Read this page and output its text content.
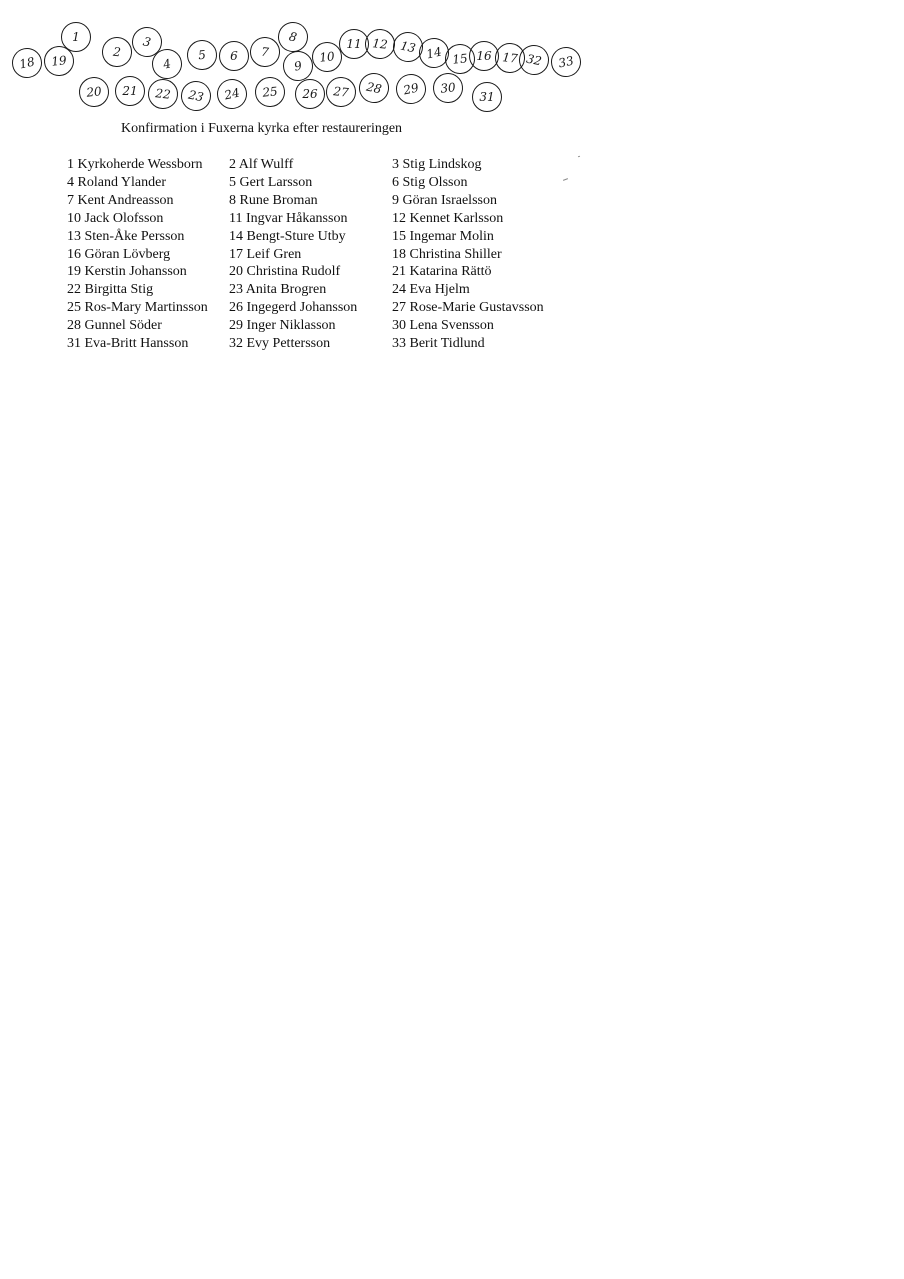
18 19
1
2
3
4
5 6 7
8
9
10
11 12 13 14 15 16 17 32 33
20 21 22 23 24 25 26 27 28 29 30
31
Konfirmation i Fuxerna kyrka efter restaureringen
1 Kyrkoherde Wessborn 2 Alf Wulff	3 Stig Lindskog
4 Roland Ylander	5 Gert Larsson	6 Stig Olsson
7 Kent Andreasson	8 Rune Broman	9 Göran Israelsson
10 Jack Olofsson	11 Ingvar Håkansson	12 Kennet Karlsson
13 Sten-Åke Persson	14 Bengt-Sture Utby	15 Ingemar Molin
16 Göran Lövberg	17 Leif Gren	18 Christina Shiller
19 Kerstin Johansson	20 Christina Rudolf	21 Katarina Rättö
22 Birgitta Stig	23 Anita Brogren	24 Eva Hjelm
25 Ros-Mary Martinsson 26 Ingegerd Johansson 27 Rose-Marie Gustavsson
28 Gunnel Söder	29 Inger Niklasson	30 Lena Svensson
31 Eva-Britt Hansson	32 Evy Pettersson	33 Berit Tidlund
